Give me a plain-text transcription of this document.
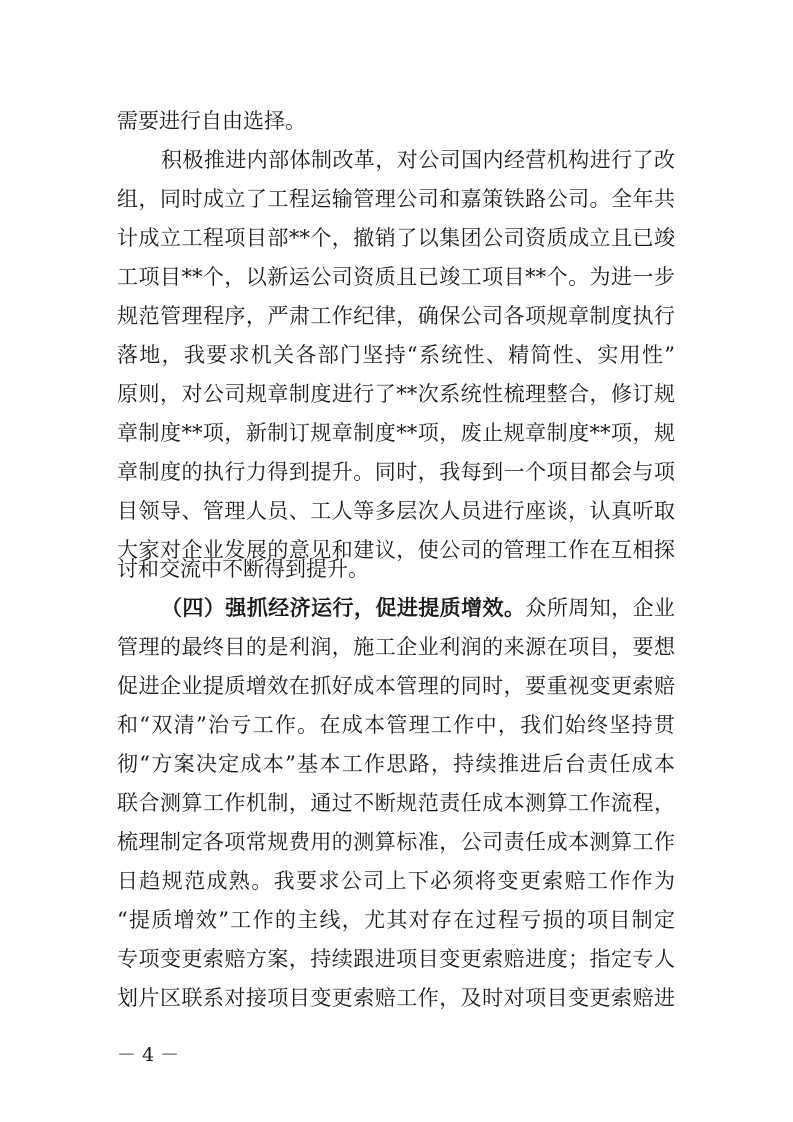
需要进行自由选择。
积极推进内部体制改革，对公司国内经营机构进行了改
组，同时成立了工程运输管理公司和嘉策铁路公司。全年共
计成立工程项目部**个，撤销了以集团公司资质成立且已竣
工项目**个，以新运公司资质且已竣工项目**个。为进一步
规范管理程序，严肃工作纪律，确保公司各项规章制度执行
落地，我要求机关各部门坚持“系统性、精简性、实用性”
原则，对公司规章制度进行了**次系统性梳理整合，修订规
章制度**项，新制订规章制度**项，废止规章制度**项，规
章制度的执行力得到提升。同时，我每到一个项目都会与项
目领导、管理人员、工人等多层次人员进行座谈，认真听取
大家对企业发展的意见和建议，使公司的管理工作在互相探
讨和交流中不断得到提升。
（四）强抓经济运行，促进提质增效。众所周知，企业
管理的最终目的是利润，施工企业利润的来源在项目，要想
促进企业提质增效在抓好成本管理的同时，要重视变更索赔
和“双清”治亏工作。在成本管理工作中，我们始终坚持贯
彻“方案决定成本”基本工作思路，持续推进后台责任成本
联合测算工作机制，通过不断规范责任成本测算工作流程，
梳理制定各项常规费用的测算标准，公司责任成本测算工作
日趋规范成熟。我要求公司上下必须将变更索赔工作作为
“提质增效”工作的主线，尤其对存在过程亏损的项目制定
专项变更索赔方案，持续跟进项目变更索赔进度；指定专人
划片区联系对接项目变更索赔工作，及时对项目变更索赔进
－ 4 －
